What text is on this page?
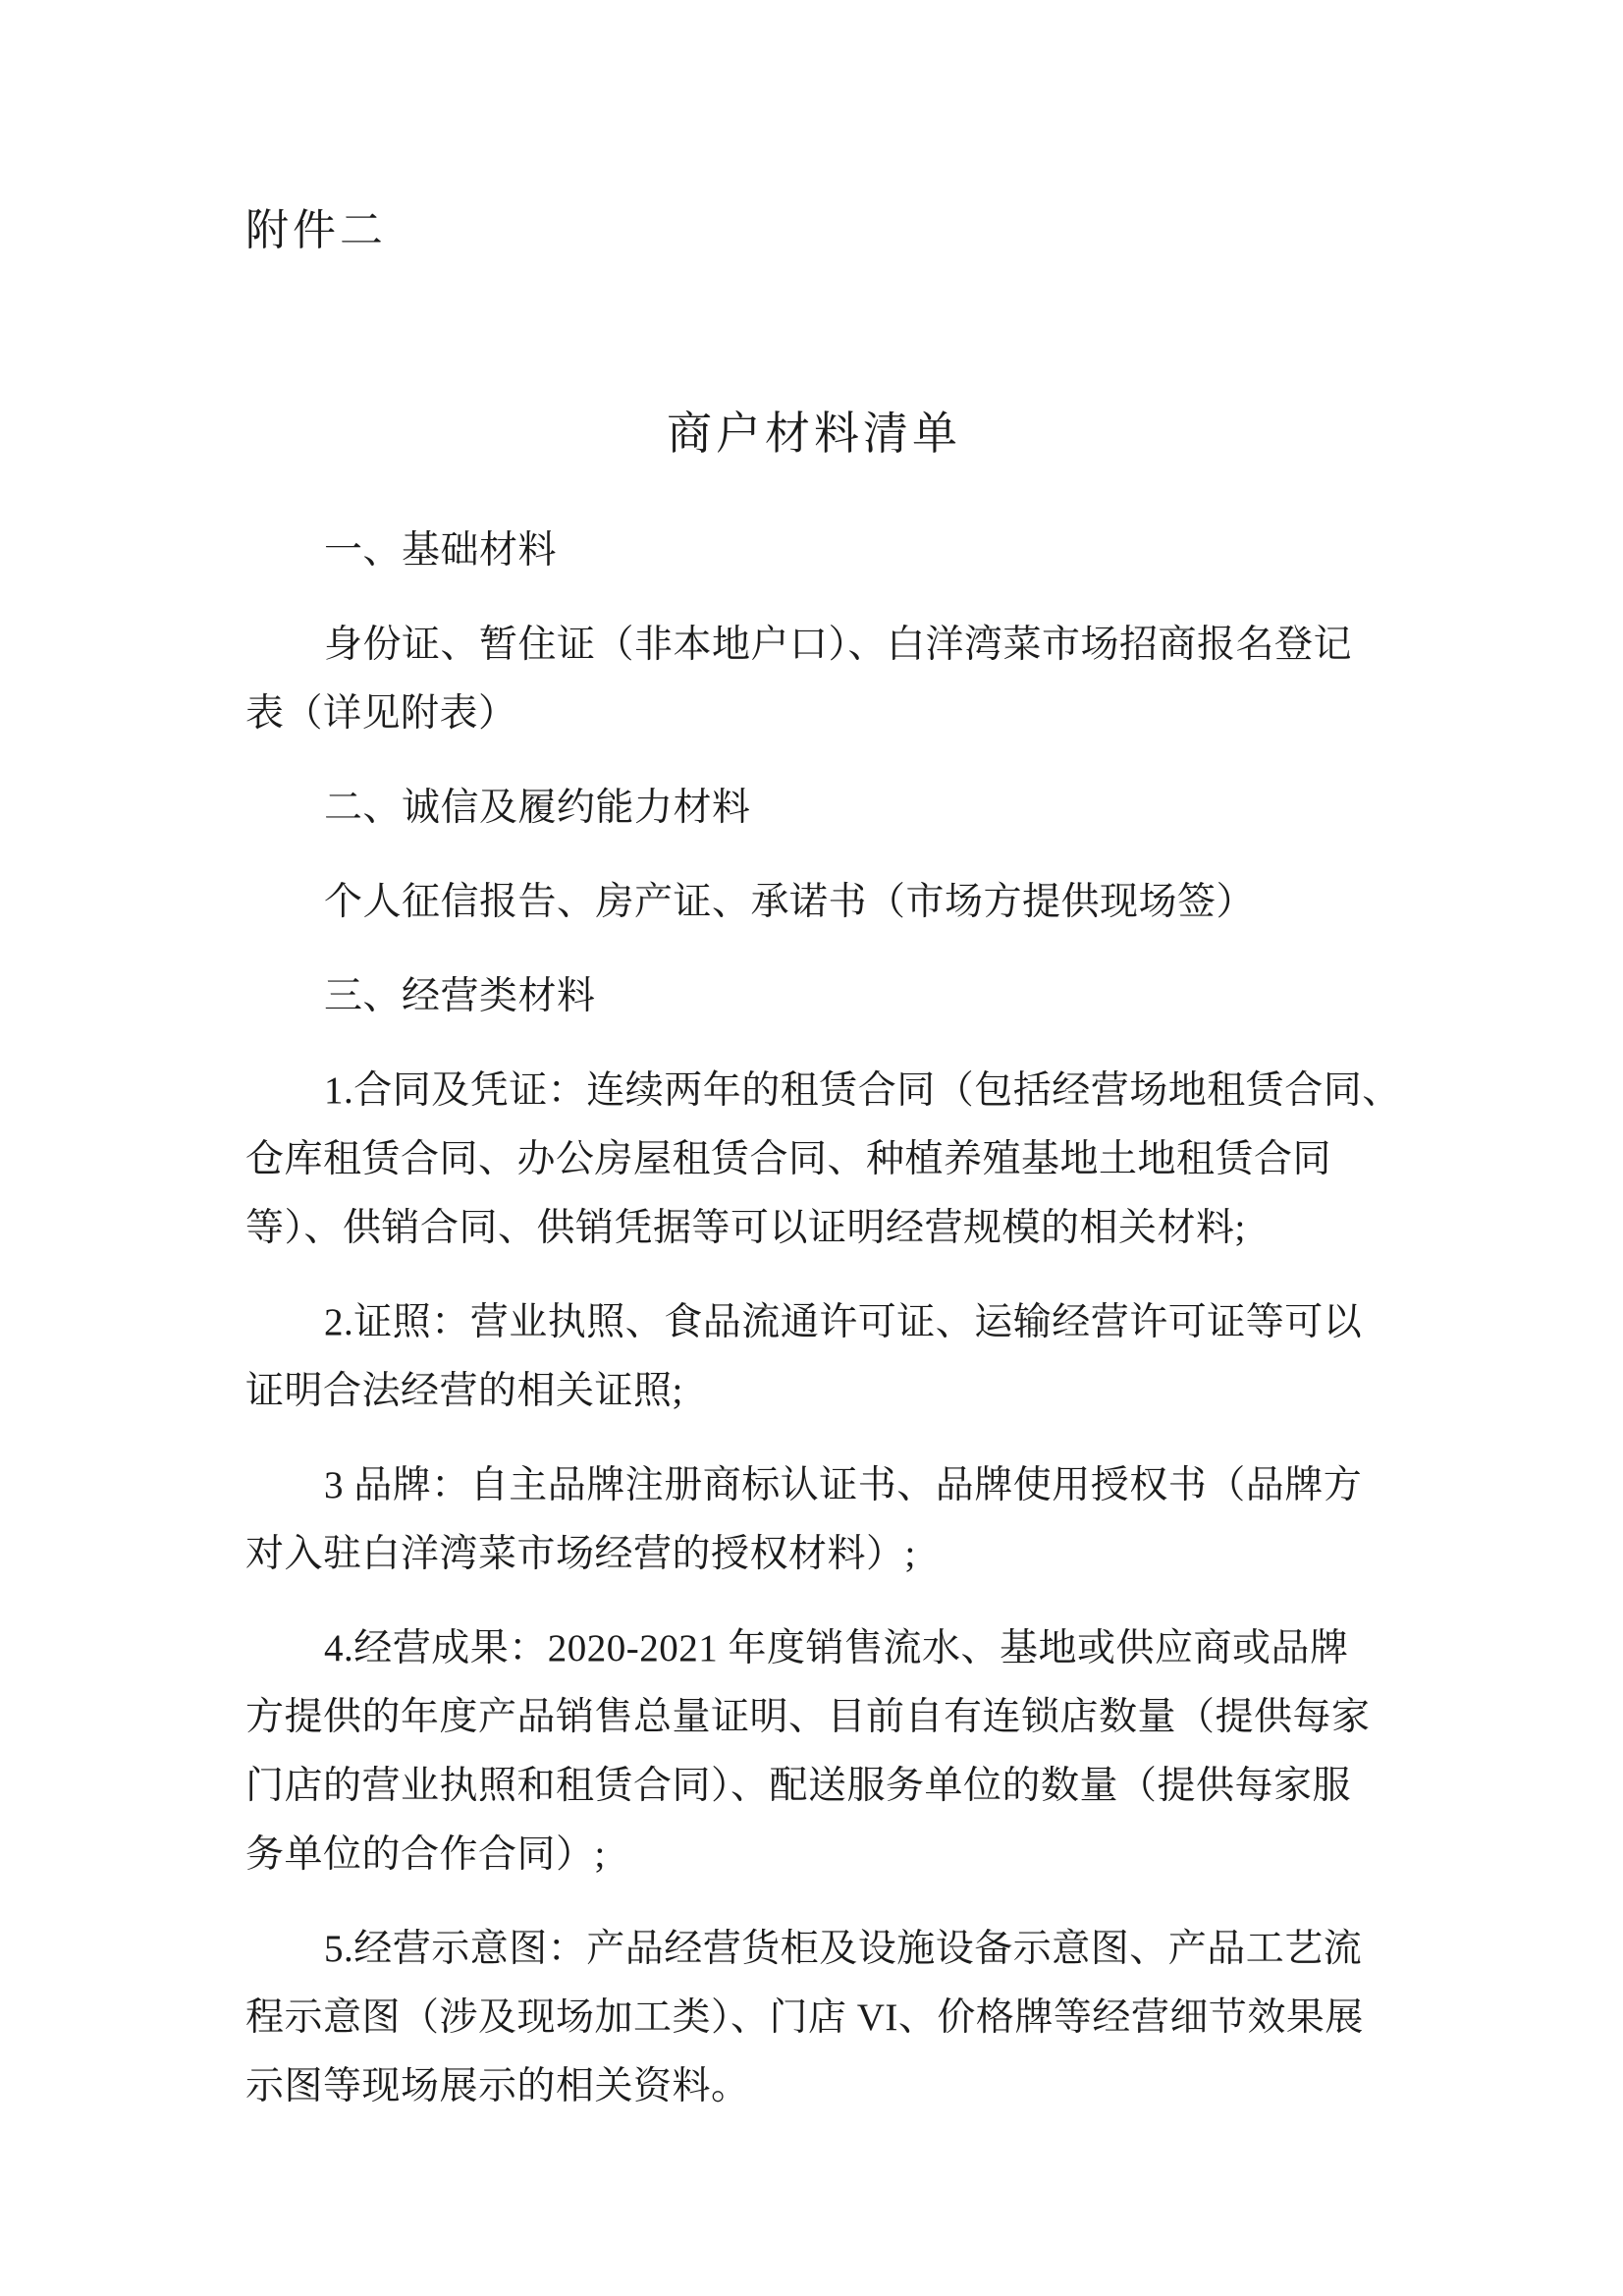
附件二
商户材料清单
一、基础材料
身份证、暂住证（非本地户口）、白洋湾菜市场招商报名登记
表（详见附表）
二、诚信及履约能力材料
个人征信报告、房产证、承诺书（市场方提供现场签）
三、经营类材料
1.合同及凭证：连续两年的租赁合同（包括经营场地租赁合同、
仓库租赁合同、办公房屋租赁合同、种植养殖基地土地租赁合同
等）、供销合同、供销凭据等可以证明经营规模的相关材料;
2.证照：营业执照、食品流通许可证、运输经营许可证等可以
证明合法经营的相关证照;
3 品牌：自主品牌注册商标认证书、品牌使用授权书（品牌方
对入驻白洋湾菜市场经营的授权材料）;
4.经营成果：2020-2021 年度销售流水、基地或供应商或品牌
方提供的年度产品销售总量证明、目前自有连锁店数量（提供每家
门店的营业执照和租赁合同）、配送服务单位的数量（提供每家服
务单位的合作合同）;
5.经营示意图：产品经营货柜及设施设备示意图、产品工艺流
程示意图（涉及现场加工类）、门店 VI、价格牌等经营细节效果展
示图等现场展示的相关资料。
